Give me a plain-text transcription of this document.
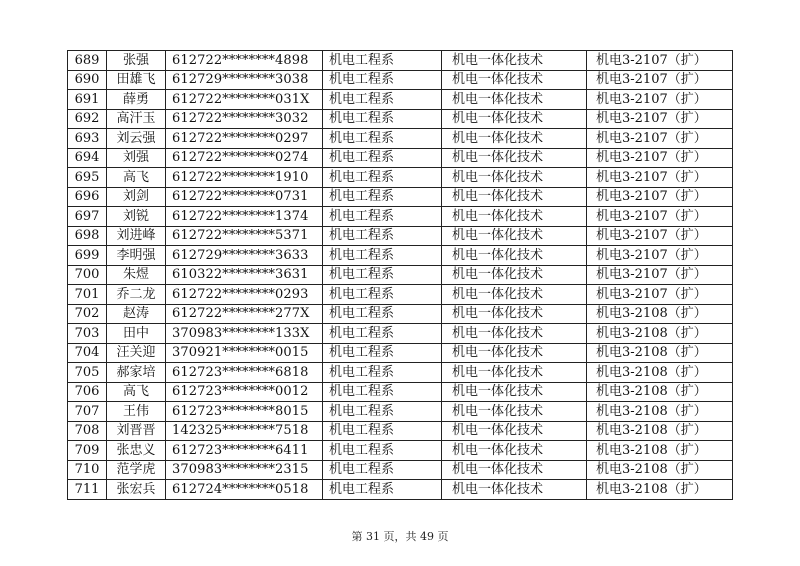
689	张强	612722********4898	机电工程系	机电一体化技术	机电3-2107（扩）
690	田雄飞	612729********3038	机电工程系	机电一体化技术	机电3-2107（扩）
691	薛勇	612722********031X	机电工程系	机电一体化技术	机电3-2107（扩）
692	高汗玉	612722********3032	机电工程系	机电一体化技术	机电3-2107（扩）
693	刘云强	612722********0297	机电工程系	机电一体化技术	机电3-2107（扩）
694	刘强	612722********0274	机电工程系	机电一体化技术	机电3-2107（扩）
695	高飞	612722********1910	机电工程系	机电一体化技术	机电3-2107（扩）
696	刘剑	612722********0731	机电工程系	机电一体化技术	机电3-2107（扩）
697	刘锐	612722********1374	机电工程系	机电一体化技术	机电3-2107（扩）
698	刘进峰	612722********5371	机电工程系	机电一体化技术	机电3-2107（扩）
699	李明强	612729********3633	机电工程系	机电一体化技术	机电3-2107（扩）
700	朱煜	610322********3631	机电工程系	机电一体化技术	机电3-2107（扩）
701	乔二龙	612722********0293	机电工程系	机电一体化技术	机电3-2107（扩）
702	赵涛	612722********277X	机电工程系	机电一体化技术	机电3-2108（扩）
703	田中	370983********133X	机电工程系	机电一体化技术	机电3-2108（扩）
704	汪关迎	370921********0015	机电工程系	机电一体化技术	机电3-2108（扩）
705	郝家培	612723********6818	机电工程系	机电一体化技术	机电3-2108（扩）
706	高飞	612723********0012	机电工程系	机电一体化技术	机电3-2108（扩）
707	王伟	612723********8015	机电工程系	机电一体化技术	机电3-2108（扩）
708	刘晋晋	142325********7518	机电工程系	机电一体化技术	机电3-2108（扩）
709	张忠义	612723********6411	机电工程系	机电一体化技术	机电3-2108（扩）
710	范学虎	370983********2315	机电工程系	机电一体化技术	机电3-2108（扩）
711	张宏兵	612724********0518	机电工程系	机电一体化技术	机电3-2108（扩）
第 31 页，共 49 页
